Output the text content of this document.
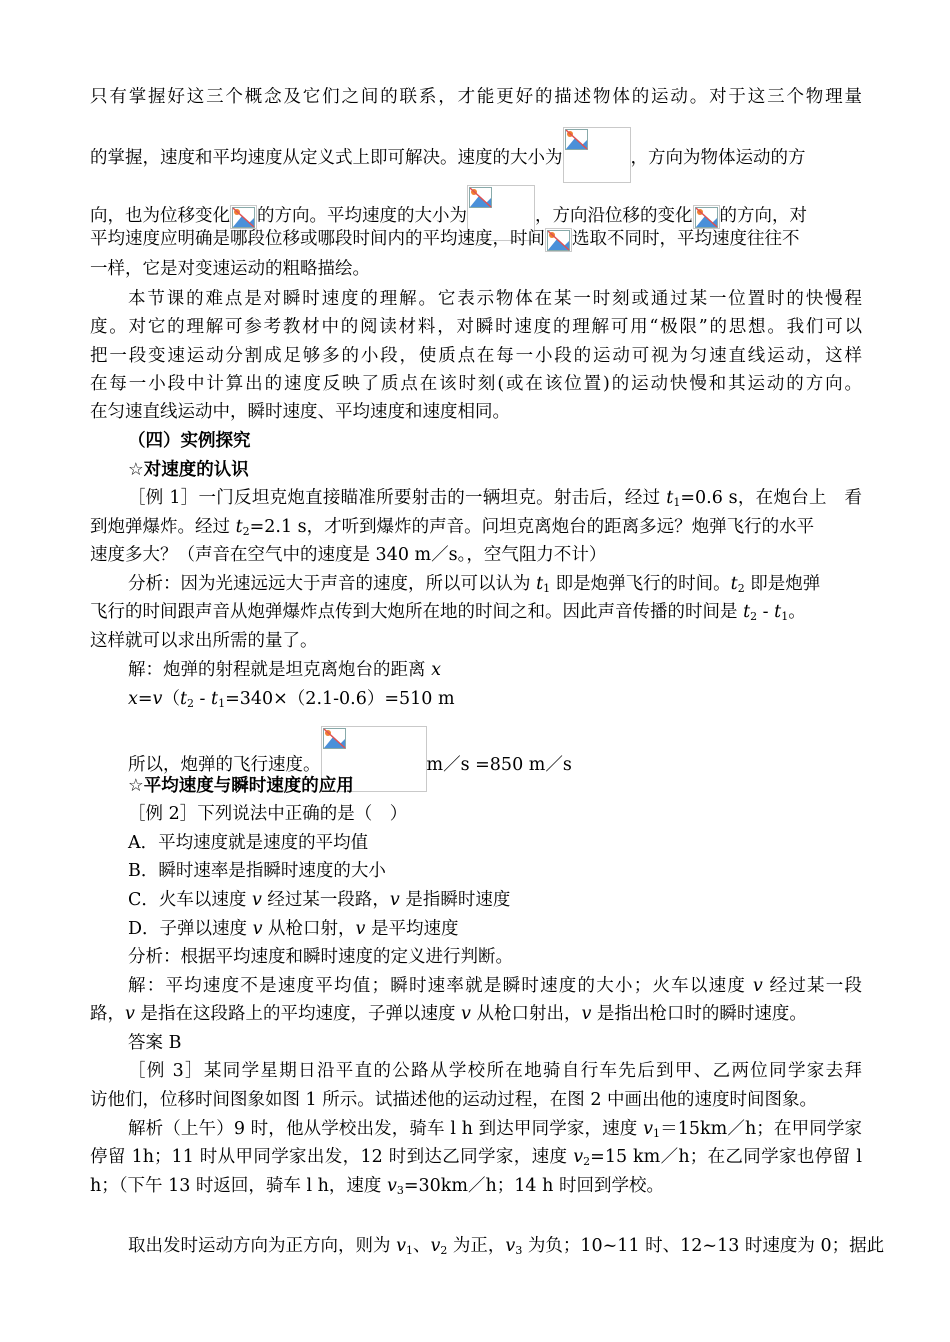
只有掌握好这三个概念及它们之间的联系，才能更好的描述物体的运动。对于这三个物理量
的掌握，速度和平均速度从定义式上即可解决。速度的大小为	，方向为物体运动的方
向，也为位移变化 的方向。平均速度的大小为	，方向沿位移的变化 的方向，对
平均速度应明确是哪段位移或哪段时间内的平均速度，时间 选取不同时，平均速度往往不
一样，它是对变速运动的粗略描绘。
本节课的难点是对瞬时速度的理解。它表示物体在某一时刻或通过某一位置时的快慢程
度。对它的理解可参考教材中的阅读材料，对瞬时速度的理解可用“极限”的思想。我们可以
把一段变速运动分割成足够多的小段，使质点在每一小段的运动可视为匀速直线运动，这样
在每一小段中计算出的速度反映了质点在该时刻(或在该位置)的运动快慢和其运动的方向。
在匀速直线运动中，瞬时速度、平均速度和速度相同。
（四）实例探究
☆对速度的认识
［例 1］一门反坦克炮直接瞄准所要射击的一辆坦克。射击后，经过 $t_1=0.6$ s，在炮台上　看
到炮弹爆炸。经过 $t_2=2.1$ s，才听到爆炸的声音。问坦克离炮台的距离多远？炮弹飞行的水平
速度多大？（声音在空气中的速度是 340 m／s。，空气阻力不计）
分析：因为光速远远大于声音的速度，所以可以认为 $t_1$ 即是炮弹飞行的时间。$t_2$ 即是炮弹
飞行的时间跟声音从炮弹爆炸点传到大炮所在地的时间之和。因此声音传播的时间是 $t_2 - t_1$。
这样就可以求出所需的量了。
解：炮弹的射程就是坦克离炮台的距离 x
$x=v(t_2 - t_1=340\times(2.1-0.6)=510$ m
所以，炮弹的飞行速度。	m／s =850 m／s
☆平均速度与瞬时速度的应用
［例 2］下列说法中正确的是（　）
A．平均速度就是速度的平均值
B．瞬时速率是指瞬时速度的大小
C．火车以速度 v 经过某一段路，v 是指瞬时速度
D．子弹以速度 v 从枪口射，v 是平均速度
分析：根据平均速度和瞬时速度的定义进行判断。
解：平均速度不是速度平均值；瞬时速率就是瞬时速度的大小；火车以速度 v 经过某一段
路，v 是指在这段路上的平均速度，子弹以速度 v 从枪口射出，v 是指出枪口时的瞬时速度。
答案 B
［例 3］某同学星期日沿平直的公路从学校所在地骑自行车先后到甲、乙两位同学家去拜
访他们，位移时间图象如图 1 所示。试描述他的运动过程，在图 2 中画出他的速度时间图象。
解析（上午）9 时，他从学校出发，骑车 l h 到达甲同学家，速度 $v_1=15km/h$；在甲同学家
停留 1h；11 时从甲同学家出发，12 时到达乙同学家，速度 $v_2=15$ km／h；在乙同学家也停留 l
h；（下午 13 时返回，骑车 l h，速度 $v_3=30km/h$；14 h 时回到学校。
取出发时运动方向为正方向，则为 $v_1$、$v_2$ 为正，$v_3$ 为负；10~11 时、12~13 时速度为 0；据此
